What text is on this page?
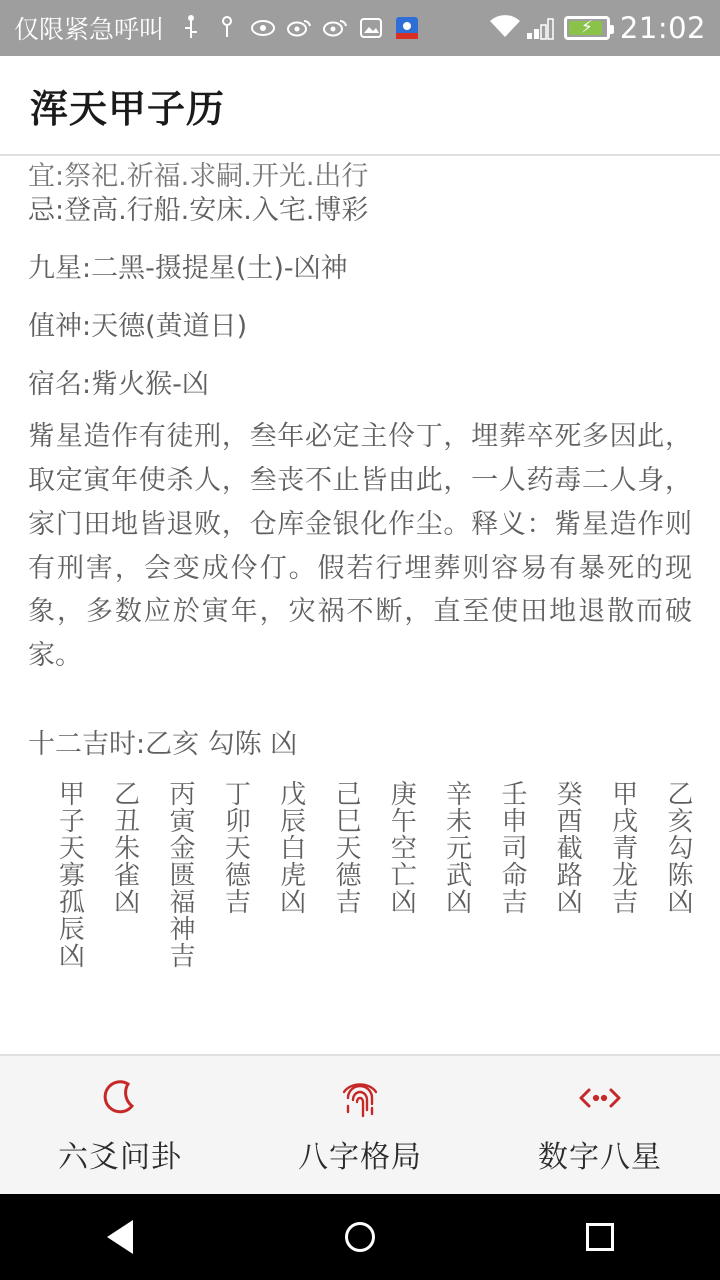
仅限紧急呼叫	⚡ 21:02
浑天甲子历
宜:祭祀.祈福.求嗣.开光.出行
忌:登高.行船.安床.入宅.博彩
九星:二黑-摄提星(土)-凶神
值神:天德(黄道日)
宿名:觜火猴-凶
觜星造作有徒刑，叁年必定主伶丁，埋葬卒死多因此，取定寅年使杀人，叁丧不止皆由此，一人药毒二人身，家门田地皆退败，仓库金银化作尘。释义：觜星造作则有刑害，会变成伶仃。假若行埋葬则容易有暴死的现象，多数应於寅年，灾祸不断，直至使田地退散而破家。
十二吉时:乙亥 勾陈 凶
甲子天寡孤辰凶 乙丑朱雀凶 丙寅金匮福神吉 丁卯天德吉 戊辰白虎凶 己巳天德吉 庚午空亡凶 辛未元武凶 壬申司命吉 癸酉截路凶 甲戌青龙吉 乙亥勾陈凶
六爻问卦	八字格局	数字八星
